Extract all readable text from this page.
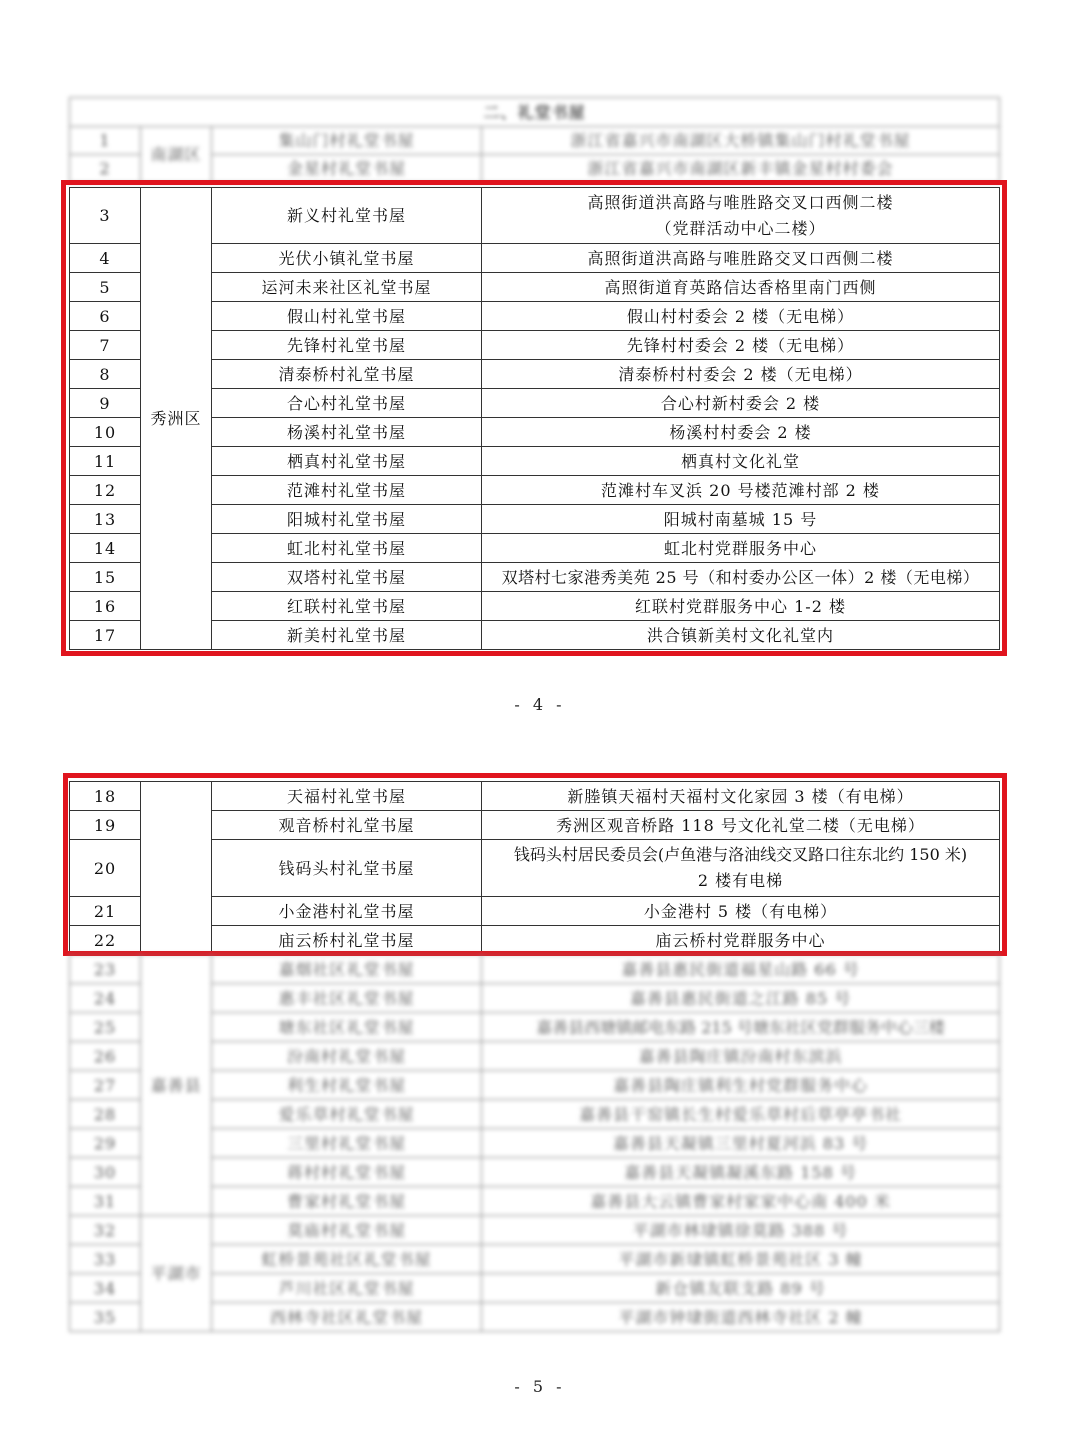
二、礼堂书屋			
1	南湖区	集山门村礼堂书屋	浙江省嘉兴市南湖区大桥镇集山门村礼堂书屋
2		金星村礼堂书屋	浙江省嘉兴市南湖区新丰镇金星村村委会
3	秀洲区	新义村礼堂书屋	高照街道洪高路与唯胜路交叉口西侧二楼
（党群活动中心二楼）

4		光伏小镇礼堂书屋	高照街道洪高路与唯胜路交叉口西侧二楼
5		运河未来社区礼堂书屋	高照街道育英路信达香格里南门西侧
6		假山村礼堂书屋	假山村村委会 2 楼（无电梯）
7		先锋村礼堂书屋	先锋村村委会 2 楼（无电梯）
8		清泰桥村礼堂书屋	清泰桥村村委会 2 楼（无电梯）
9		合心村礼堂书屋	合心村新村委会 2 楼
10		杨溪村礼堂书屋	杨溪村村委会 2 楼
11		栖真村礼堂书屋	栖真村文化礼堂
12		范滩村礼堂书屋	范滩村车叉浜 20 号楼范滩村部 2 楼
13		阳城村礼堂书屋	阳城村南墓城 15 号
14		虹北村礼堂书屋	虹北村党群服务中心
15		双塔村礼堂书屋	双塔村七家港秀美苑 25 号（和村委办公区一体）2 楼（无电梯）
16		红联村礼堂书屋	红联村党群服务中心 1-2 楼
17		新美村礼堂书屋	洪合镇新美村文化礼堂内
- 4 -
18		天福村礼堂书屋	新塍镇天福村天福村文化家园 3 楼（有电梯）
19		观音桥村礼堂书屋	秀洲区观音桥路 118 号文化礼堂二楼（无电梯）
20		钱码头村礼堂书屋	钱码头村居民委员会(卢鱼港与洛油线交叉路口往东北约 150 米)
2 楼有电梯

21		小金港村礼堂书屋	小金港村 5 楼（有电梯）
22		庙云桥村礼堂书屋	庙云桥村党群服务中心
23	嘉善县	嘉烟社区礼堂书屋	嘉善县惠民街道福星山路 66 号
24		惠丰社区礼堂书屋	嘉善县惠民街道之江路 85 号
25		塘东社区礼堂书屋	嘉善县西塘镇邮电东路 215 号塘东社区党群服务中心三楼
26		汾南村礼堂书屋	嘉善县陶庄镇汾南村东滨浜
27		利生村礼堂书屋	嘉善县陶庄镇利生村党群服务中心
28		爱乐草村礼堂书屋	嘉善县干窑镇长生村爱乐草村后草亭亭书社
29		三里村礼堂书屋	嘉善县天凝镇三里村夏河浜 83 号
30		蒋村村礼堂书屋	嘉善县天凝镇凝溪东路 158 号
31		曹家村礼堂书屋	嘉善县大云镇曹家村家家中心南 400 米
32	平湖市	莫庙村礼堂书屋	平湖市林埭镇徐莫路 388 号
33		虹桥景苑社区礼堂书屋	平湖市新埭镇虹桥景苑社区 3 幢
34		芦川社区礼堂书屋	新仓镇友联支路 89 号
35		西林寺社区礼堂书屋	平湖市钟埭街道西林寺社区 2 幢
- 5 -
